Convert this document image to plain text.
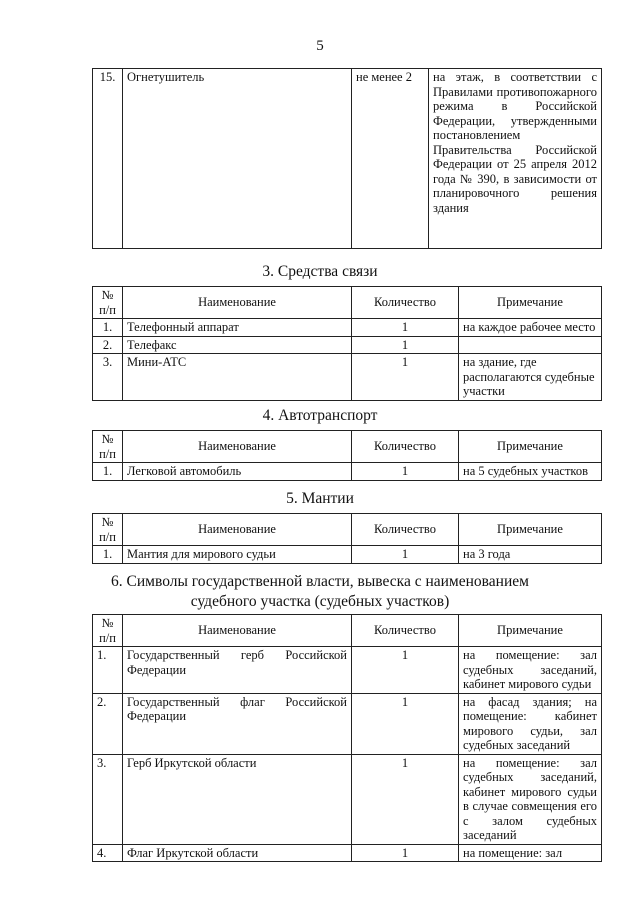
5
15.	Огнетушитель	не менее 2	на этаж, в соответствии с Правилами противопожарного режима в Российской Федерации, утвержденными постановлением Правительства Российской Федерации от 25 апреля 2012 года № 390, в зависимости от планировочного решения здания
3. Средства связи
№ п/п	Наименование	Количество	Примечание
1.	Телефонный аппарат	1	на каждое рабочее место
2.	Телефакс	1	
3.	Мини-АТС	1	на здание, где располагаются судебные участки
4. Автотранспорт
№ п/п	Наименование	Количество	Примечание
1.	Легковой автомобиль	1	на 5 судебных участков
5. Мантии
№ п/п	Наименование	Количество	Примечание
1.	Мантия для мирового судьи	1	на 3 года
6. Символы государственной власти, вывеска с наименованием
судебного участка (судебных участков)
№ п/п	Наименование	Количество	Примечание
1.	Государственный герб Российской Федерации	1	на помещение: зал судебных заседаний, кабинет мирового судьи
2.	Государственный флаг Российской Федерации	1	на фасад здания; на помещение: кабинет мирового судьи, зал судебных заседаний
3.	Герб Иркутской области	1	на помещение: зал судебных заседаний, кабинет мирового судьи в случае совмещения его с залом судебных заседаний
4.	Флаг Иркутской области	1	на помещение: зал
